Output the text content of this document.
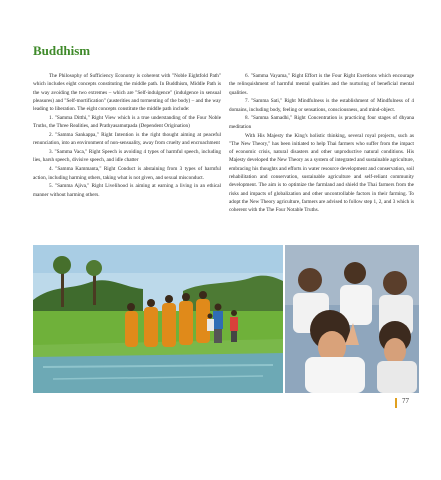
Buddhism

The Philosophy of Sufficiency Economy is coherent with "Noble Eightfold Path" which includes eight concepts constituting the middle path. In Buddhism, Middle Path is the way avoiding the two extremes – which are "Self-indulgence" (indulgence in sensual pleasures) and "Self-mortification" (austerities and tormenting of the body) – and the way leading to liberation. The eight concepts constitute the middle path include:

1. "Samma Ditthi," Right View which is a true understanding of the Four Noble Truths, the Three Realities, and Prathyasamutpada (Dependent Origination)

2. "Samma Sankappa," Right Intention is the right thought aiming at peaceful renunciation, into an environment of non-sensuality, away from cruelty and encroachment

3. "Samma Vaca," Right Speech is avoiding 4 types of harmful speech, including lies, harsh speech, divisive speech, and idle chatter

4. "Samma Kammanta," Right Conduct is abstaining from 3 types of harmful action, including harming others, taking what is not given, and sexual misconduct.

5. "Samma Ajiva," Right Livelihood is aiming at earning a living in an ethical manner without harming others.

6. "Samma Vayama," Right Effort is the Four Right Exertions which encourage the relinquishment of harmful mental qualities and the nurturing of beneficial mental qualities.

7. "Samma Sati," Right Mindfulness is the establishment of Mindfulness of 4 domains, including body, feeling or sensations, consciousness, and mind-object.

8. "Samma Samadhi," Right Concentration is practicing four stages of dhyana meditation

With His Majesty the King's holistic thinking, several royal projects, such as "The New Theory," has been initiated to help Thai farmers who suffer from the impact of economic crisis, natural disasters and other unproductive natural conditions. His Majesty developed the New Theory as a system of integrated and sustainable agriculture, embracing his thoughts and efforts in water resource development and conservation, soil rehabilitation and conservation, sustainable agriculture and self-reliant community development. The aim is to optimize the farmland and shield the Thai farmers from the risks and impacts of globalization and other uncontrollable factors in their farming. To adopt the New Theory agriculture, farmers are advised to follow step 1, 2, and 3 which is coherent with the The Four Notable Truths.

77
